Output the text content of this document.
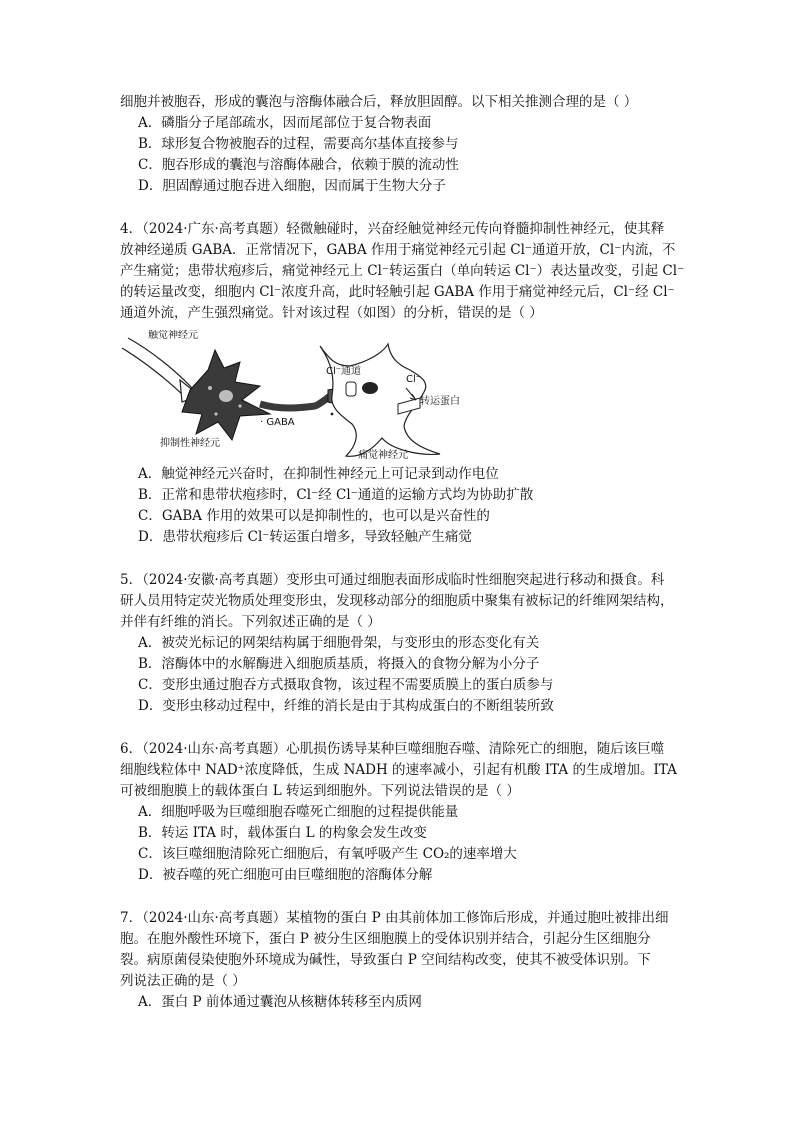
细胞并被胞吞，形成的囊泡与溶酶体融合后，释放胆固醇。以下相关推测合理的是（ ）
A．磷脂分子尾部疏水，因而尾部位于复合物表面
B．球形复合物被胞吞的过程，需要高尔基体直接参与
C．胞吞形成的囊泡与溶酶体融合，依赖于膜的流动性
D．胆固醇通过胞吞进入细胞，因而属于生物大分子
4．（2024·广东·高考真题）轻微触碰时，兴奋经触觉神经元传向脊髓抑制性神经元，使其释
放神经递质 GABA．正常情况下，GABA 作用于痛觉神经元引起 Cl⁻通道开放，Cl⁻内流，不
产生痛觉；患带状疱疹后，痛觉神经元上 Cl⁻转运蛋白（单向转运 Cl⁻）表达量改变，引起 Cl⁻
的转运量改变，细胞内 Cl⁻浓度升高，此时轻触引起 GABA 作用于痛觉神经元后，Cl⁻经 Cl⁻
通道外流，产生强烈痛觉。针对该过程（如图）的分析，错误的是（ ）
触觉神经元
抑制性神经元
· GABA
Cl⁻通道
Cl⁻
转运蛋白
痛觉神经元
A．触觉神经元兴奋时，在抑制性神经元上可记录到动作电位
B．正常和患带状疱疹时，Cl⁻经 Cl⁻通道的运输方式均为协助扩散
C．GABA 作用的效果可以是抑制性的，也可以是兴奋性的
D．患带状疱疹后 Cl⁻转运蛋白增多，导致轻触产生痛觉
5．（2024·安徽·高考真题）变形虫可通过细胞表面形成临时性细胞突起进行移动和摄食。科
研人员用特定荧光物质处理变形虫，发现移动部分的细胞质中聚集有被标记的纤维网架结构，
并伴有纤维的消长。下列叙述正确的是（ ）
A．被荧光标记的网架结构属于细胞骨架，与变形虫的形态变化有关
B．溶酶体中的水解酶进入细胞质基质，将摄入的食物分解为小分子
C．变形虫通过胞吞方式摄取食物，该过程不需要质膜上的蛋白质参与
D．变形虫移动过程中，纤维的消长是由于其构成蛋白的不断组装所致
6．（2024·山东·高考真题）心肌损伤诱导某种巨噬细胞吞噬、清除死亡的细胞，随后该巨噬
细胞线粒体中 NAD⁺浓度降低，生成 NADH 的速率减小，引起有机酸 ITA 的生成增加。ITA
可被细胞膜上的载体蛋白 L 转运到细胞外。下列说法错误的是（ ）
A．细胞呼吸为巨噬细胞吞噬死亡细胞的过程提供能量
B．转运 ITA 时，载体蛋白 L 的构象会发生改变
C．该巨噬细胞清除死亡细胞后，有氧呼吸产生 CO₂的速率增大
D．被吞噬的死亡细胞可由巨噬细胞的溶酶体分解
7．（2024·山东·高考真题）某植物的蛋白 P 由其前体加工修饰后形成，并通过胞吐被排出细
胞。在胞外酸性环境下，蛋白 P 被分生区细胞膜上的受体识别并结合，引起分生区细胞分
裂。病原菌侵染使胞外环境成为碱性，导致蛋白 P 空间结构改变，使其不被受体识别。下
列说法正确的是（ ）
A．蛋白 P 前体通过囊泡从核糖体转移至内质网
